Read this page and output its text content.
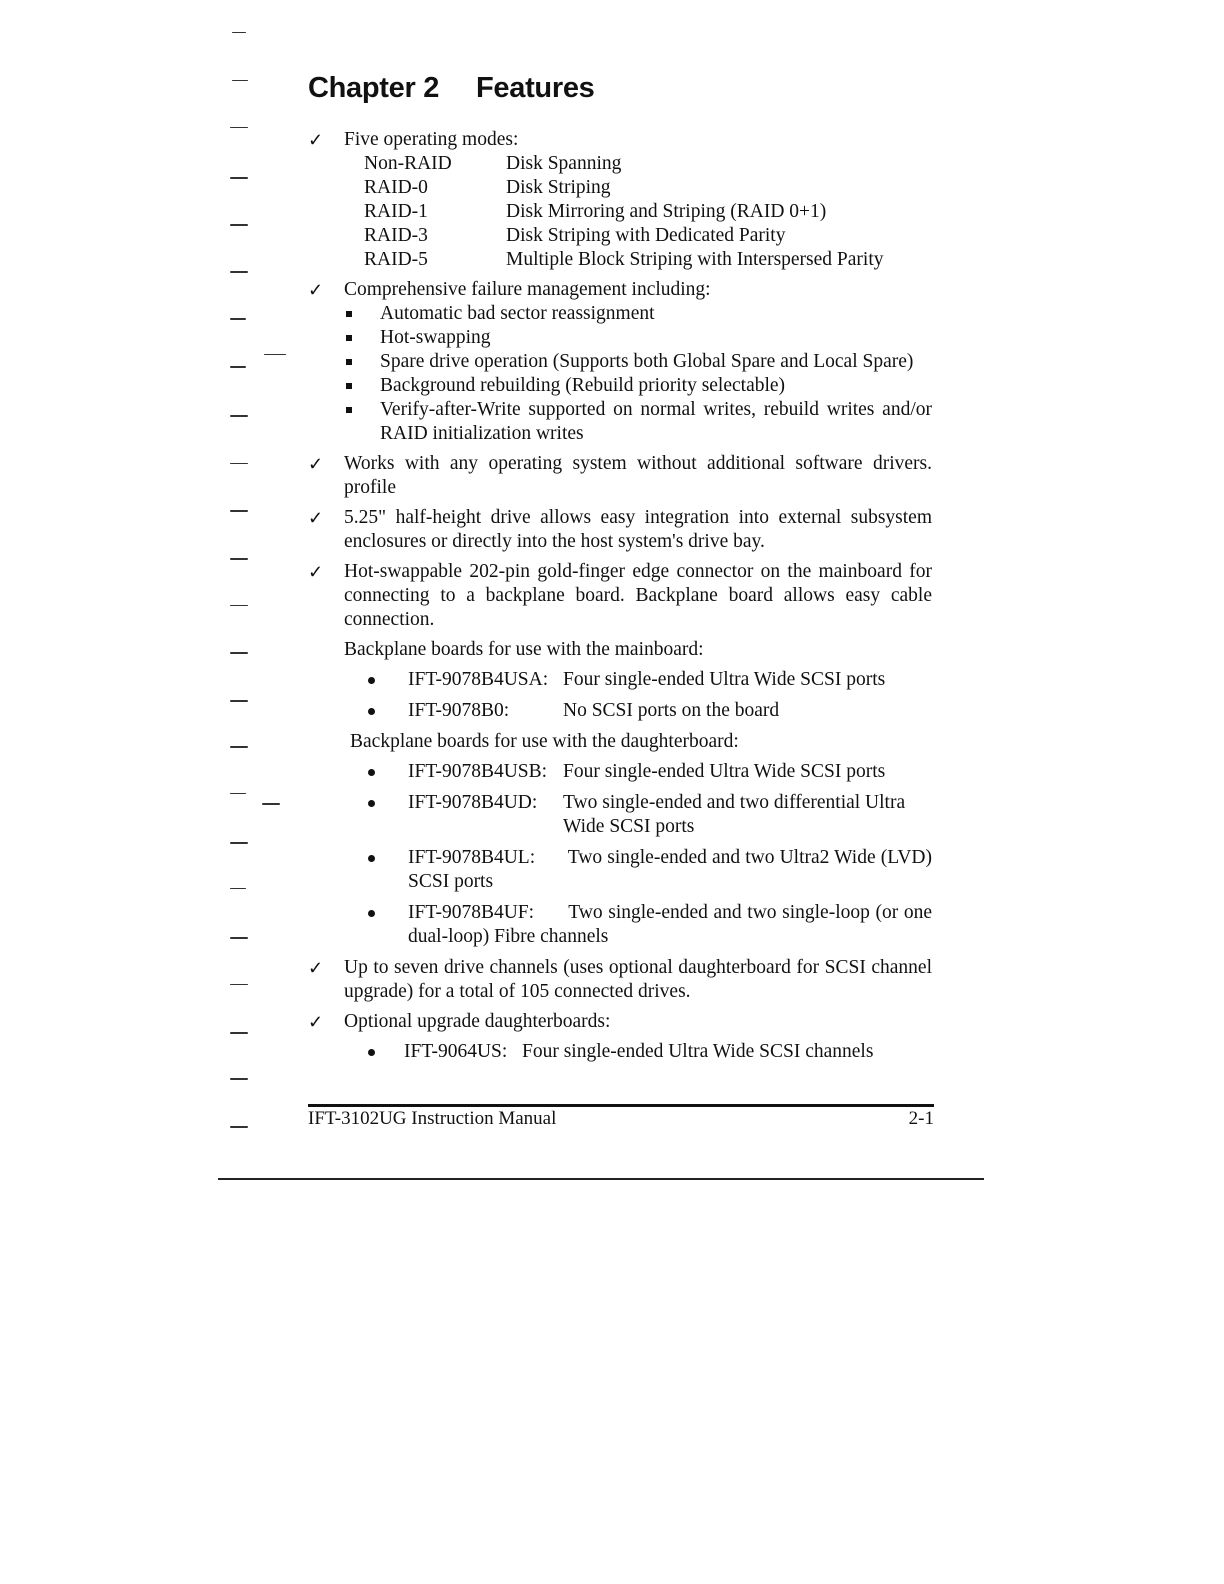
Chapter 2 Features
✓ Five operating modes:
Non-RAID	Disk Spanning
RAID-0	Disk Striping
RAID-1	Disk Mirroring and Striping (RAID 0+1)
RAID-3	Disk Striping with Dedicated Parity
RAID-5	Multiple Block Striping with Interspersed Parity
✓ Comprehensive failure management including:
Automatic bad sector reassignment
Hot-swapping
Spare drive operation (Supports both Global Spare and Local Spare)
Background rebuilding (Rebuild priority selectable)
Verify-after-Write supported on normal writes, rebuild writes and/or RAID initialization writes
✓ Works with any operating system without additional software drivers. profile
✓ 5.25" half-height drive allows easy integration into external subsystem enclosures or directly into the host system's drive bay.
✓ Hot-swappable 202-pin gold-finger edge connector on the mainboard for connecting to a backplane board. Backplane board allows easy cable connection.
Backplane boards for use with the mainboard:
IFT-9078B4USA: Four single-ended Ultra Wide SCSI ports
IFT-9078B0:	No SCSI ports on the board
Backplane boards for use with the daughterboard:
IFT-9078B4USB: Four single-ended Ultra Wide SCSI ports
IFT-9078B4UD: Two single-ended and two differential Ultra Wide SCSI ports
IFT-9078B4UL: Two single-ended and two Ultra2 Wide (LVD) SCSI ports
IFT-9078B4UF: Two single-ended and two single-loop (or one dual-loop) Fibre channels
✓ Up to seven drive channels (uses optional daughterboard for SCSI channel upgrade) for a total of 105 connected drives.
✓ Optional upgrade daughterboards:
IFT-9064US: Four single-ended Ultra Wide SCSI channels
IFT-3102UG Instruction Manual	2-1
